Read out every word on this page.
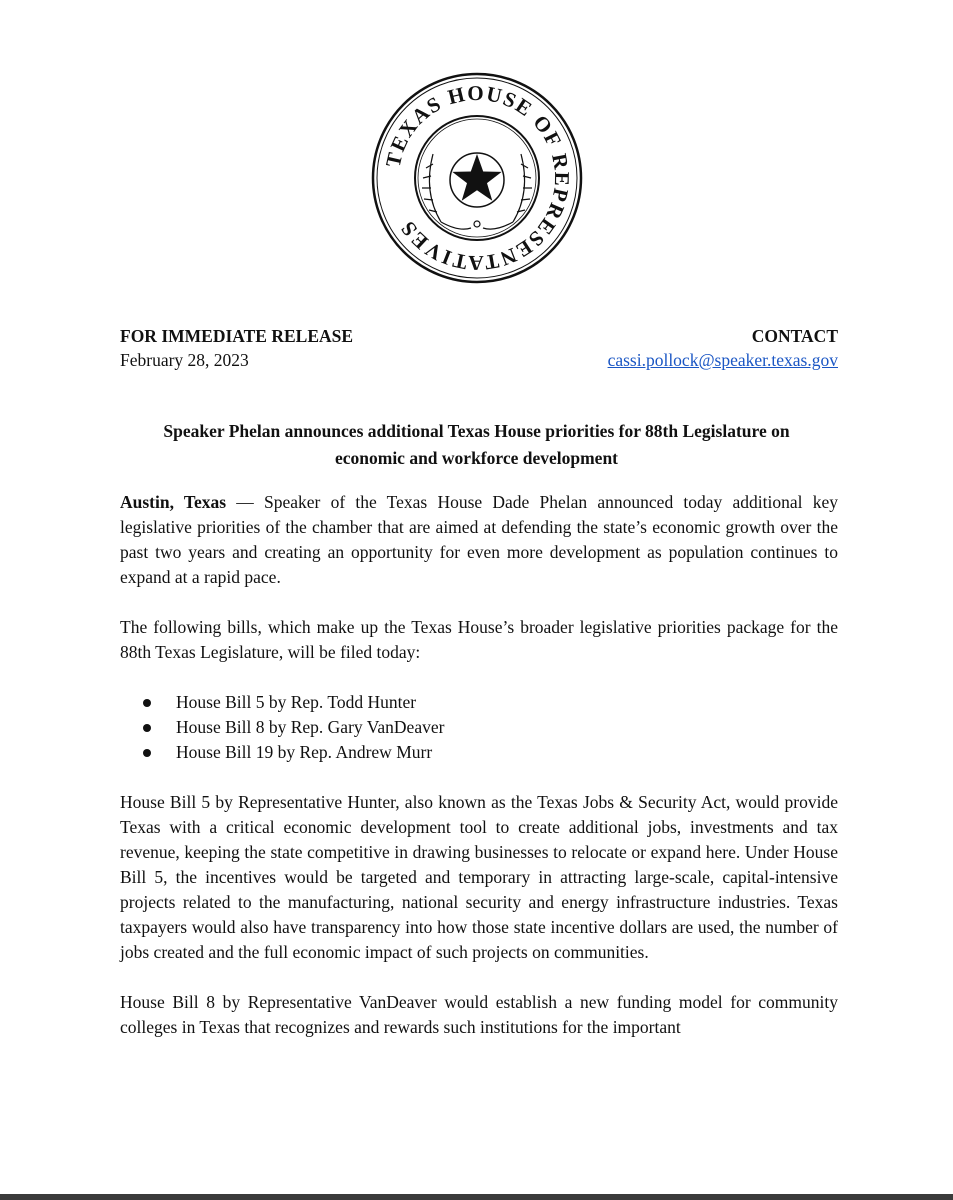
TEXAS HOUSE OF REPRESENTATIVES
FOR IMMEDIATE RELEASE	CONTACT
February 28, 2023	cassi.pollock@speaker.texas.gov
Speaker Phelan announces additional Texas House priorities for 88th Legislature on
economic and workforce development

Austin, Texas — Speaker of the Texas House Dade Phelan announced today additional key legislative priorities of the chamber that are aimed at defending the state’s economic growth over the past two years and creating an opportunity for even more development as population continues to expand at a rapid pace.

The following bills, which make up the Texas House’s broader legislative priorities package for the 88th Texas Legislature, will be filed today:

House Bill 5 by Rep. Todd Hunter
House Bill 8 by Rep. Gary VanDeaver
House Bill 19 by Rep. Andrew Murr

House Bill 5 by Representative Hunter, also known as the Texas Jobs & Security Act, would provide Texas with a critical economic development tool to create additional jobs, investments and tax revenue, keeping the state competitive in drawing businesses to relocate or expand here. Under House Bill 5, the incentives would be targeted and temporary in attracting large-scale, capital-intensive projects related to the manufacturing, national security and energy infrastructure industries. Texas taxpayers would also have transparency into how those state incentive dollars are used, the number of jobs created and the full economic impact of such projects on communities.

House Bill 8 by Representative VanDeaver would establish a new funding model for community colleges in Texas that recognizes and rewards such institutions for the important
